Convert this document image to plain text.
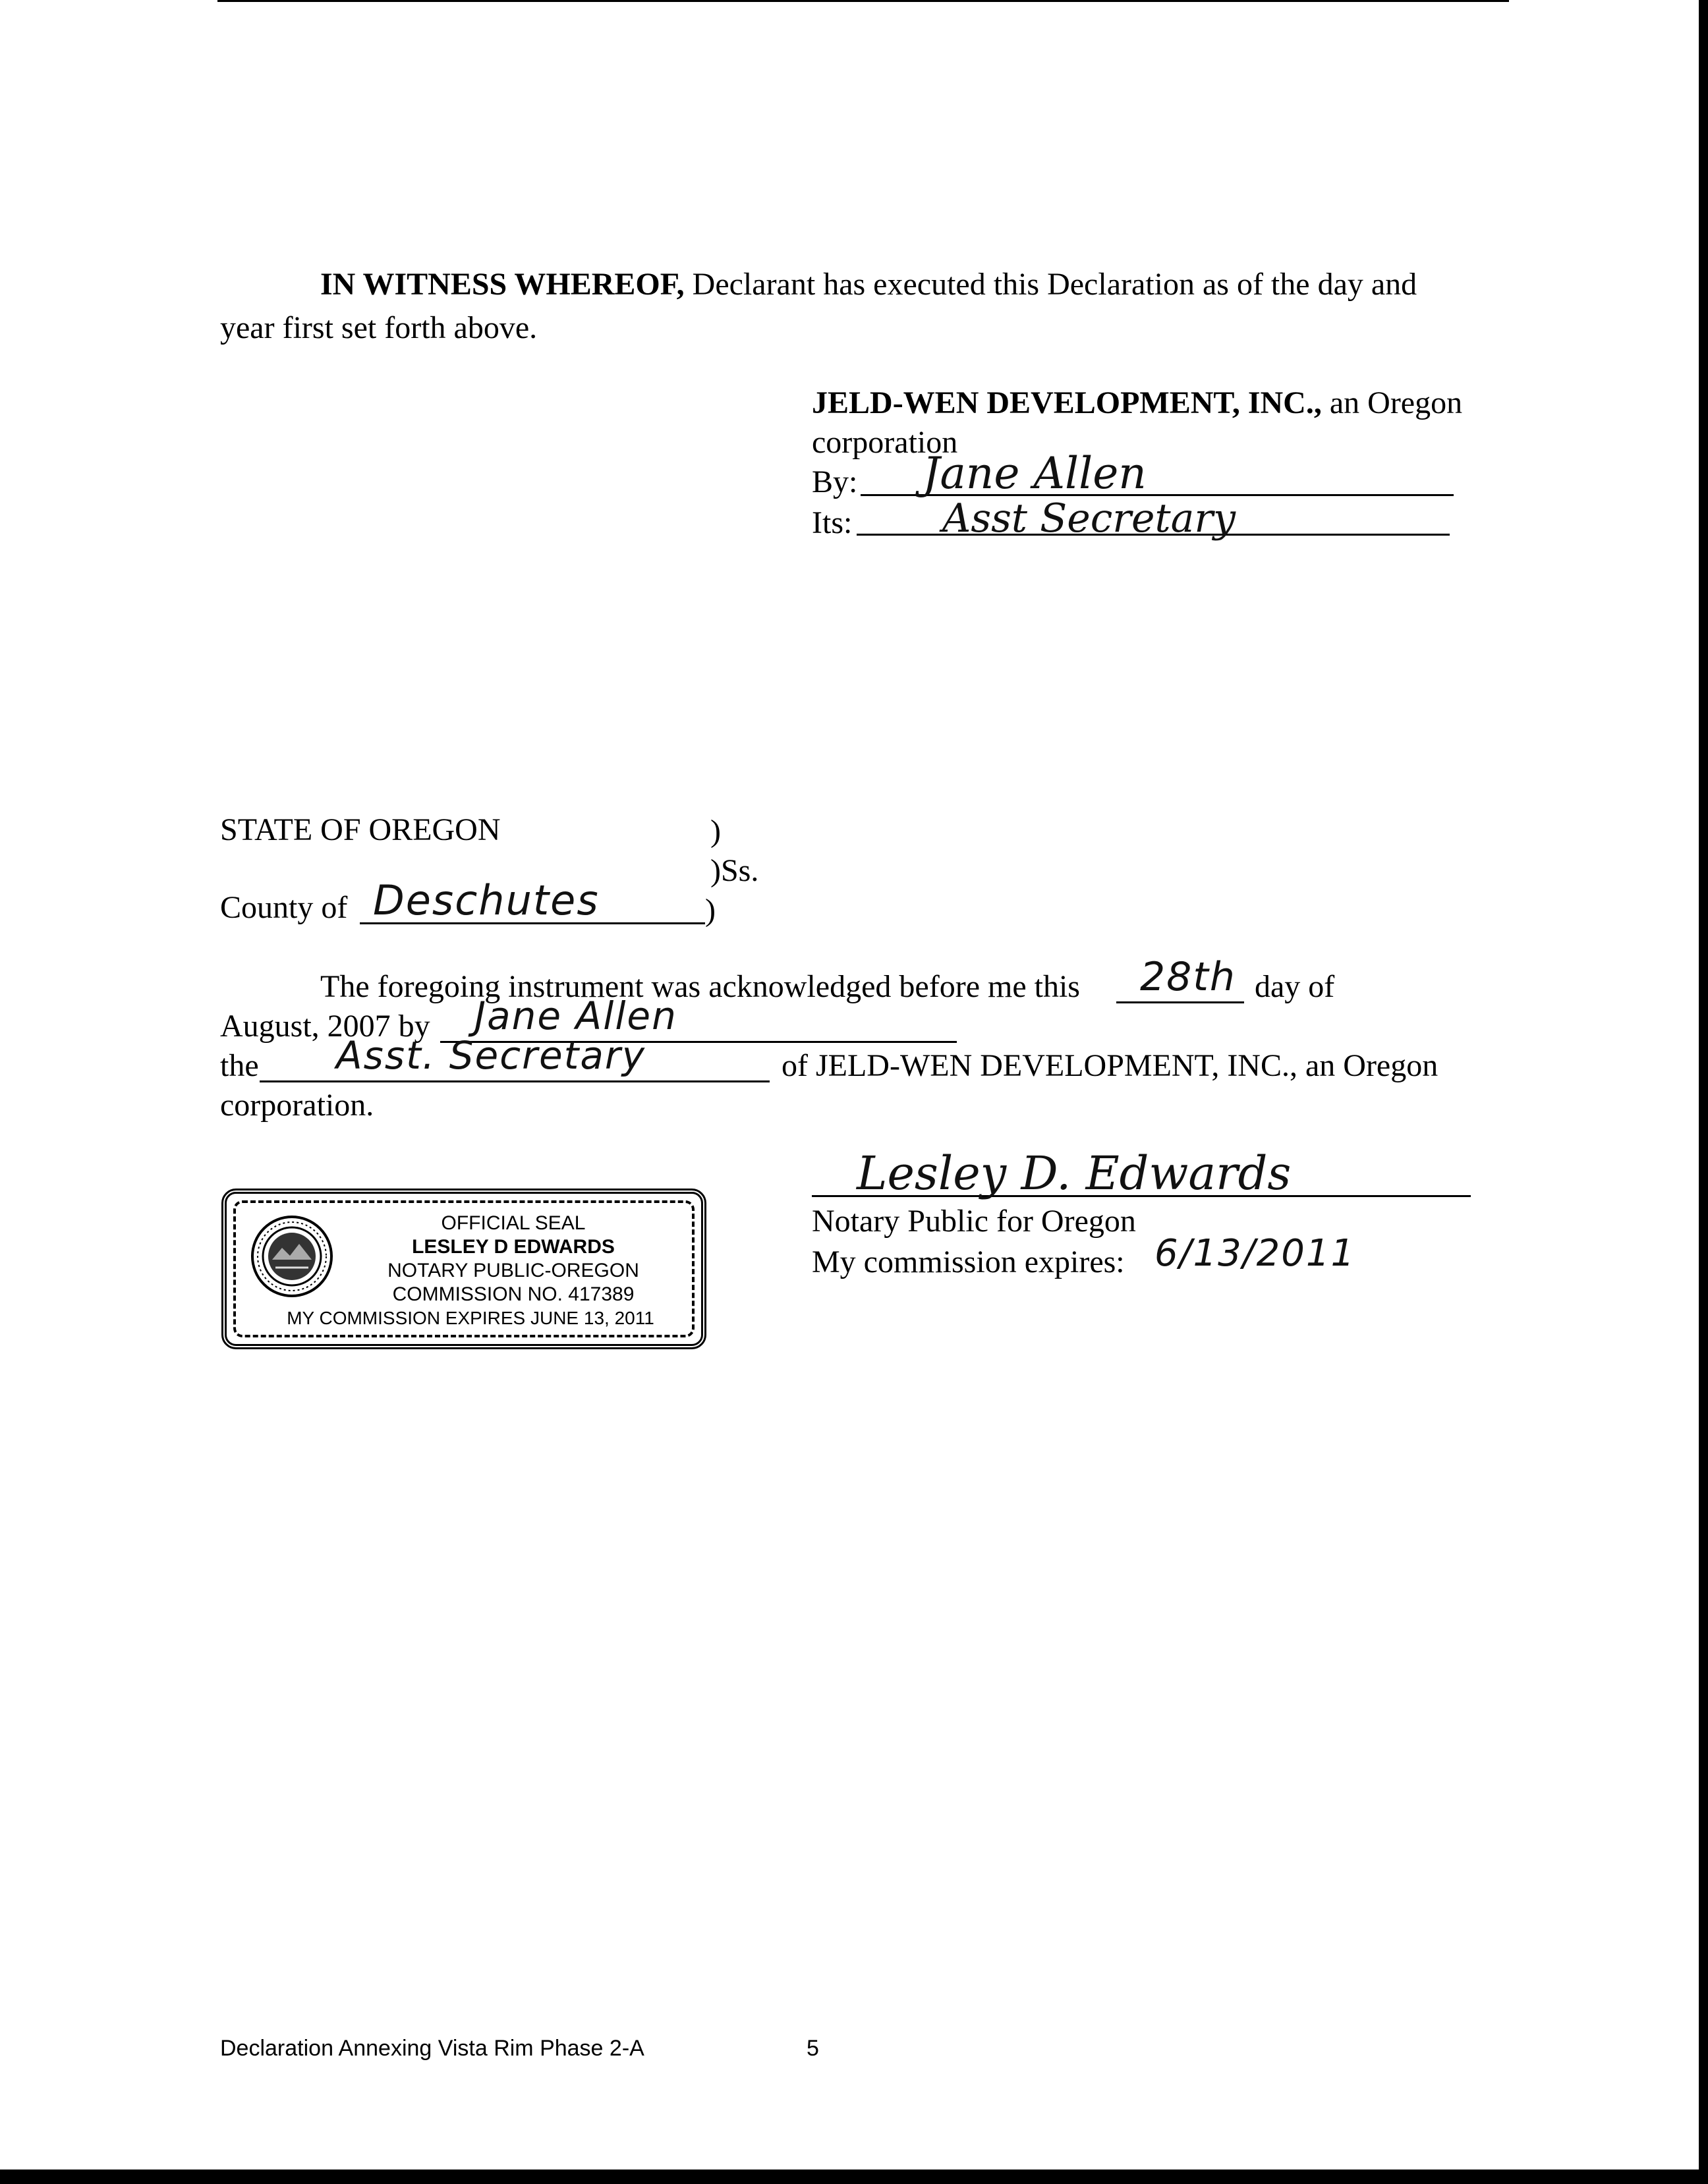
IN WITNESS WHEREOF, Declarant has executed this Declaration as of the day and
year first set forth above.
JELD-WEN DEVELOPMENT, INC., an Oregon
corporation
By: Jane Allen
Its: Asst Secretary
STATE OF OREGON	)
)Ss.
County of Deschutes	)
The foregoing instrument was acknowledged before me this 28th day of
August, 2007 by Jane Allen
the Asst. Secretary	of JELD-WEN DEVELOPMENT, INC., an Oregon
corporation.
Lesley D. Edwards
Notary Public for Oregon
My commission expires: 6/13/2011
OFFICIAL SEAL
LESLEY D EDWARDS
NOTARY PUBLIC-OREGON
COMMISSION NO. 417389
MY COMMISSION EXPIRES JUNE 13, 2011
Declaration Annexing Vista Rim Phase 2-A	5
